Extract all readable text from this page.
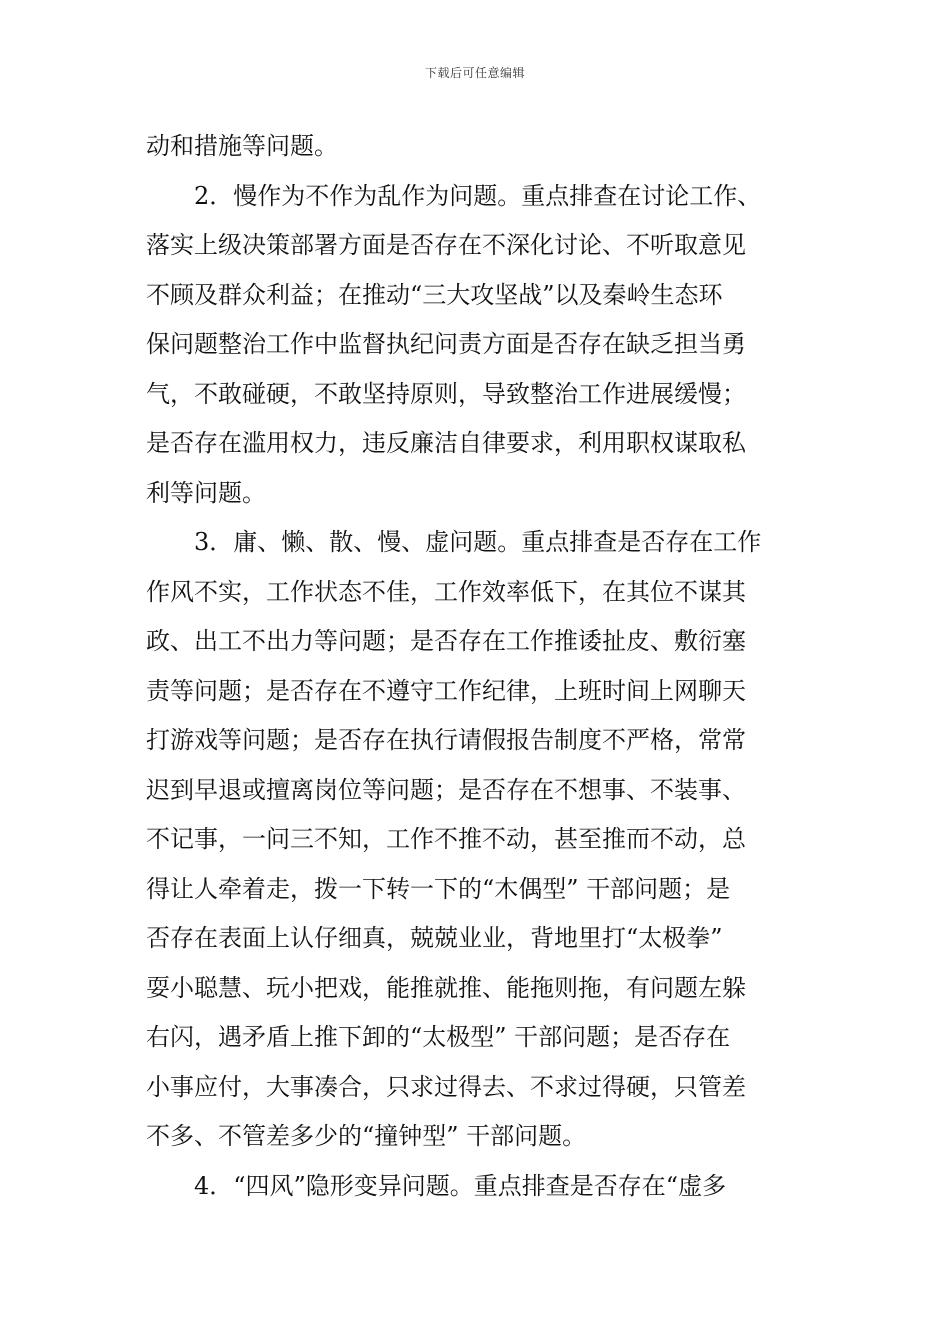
下载后可任意编辑
动和措施等问题。
2．慢作为不作为乱作为问题。重点排查在讨论工作、
落实上级决策部署方面是否存在不深化讨论、不听取意见
不顾及群众利益；在推动“三大攻坚战”以及秦岭生态环
保问题整治工作中监督执纪问责方面是否存在缺乏担当勇
气，不敢碰硬，不敢坚持原则，导致整治工作进展缓慢；
是否存在滥用权力，违反廉洁自律要求，利用职权谋取私
利等问题。
3．庸、懒、散、慢、虚问题。重点排查是否存在工作
作风不实，工作状态不佳，工作效率低下，在其位不谋其
政、出工不出力等问题；是否存在工作推诿扯皮、敷衍塞
责等问题；是否存在不遵守工作纪律，上班时间上网聊天
打游戏等问题；是否存在执行请假报告制度不严格，常常
迟到早退或擅离岗位等问题；是否存在不想事、不装事、
不记事，一问三不知，工作不推不动，甚至推而不动，总
得让人牵着走，拨一下转一下的“木偶型” 干部问题；是
否存在表面上认仔细真，兢兢业业，背地里打“太极拳”
耍小聪慧、玩小把戏，能推就推、能拖则拖，有问题左躲
右闪，遇矛盾上推下卸的“太极型” 干部问题；是否存在
小事应付，大事凑合，只求过得去、不求过得硬，只管差
不多、不管差多少的“撞钟型” 干部问题。
4．“四风”隐形变异问题。重点排查是否存在“虚多
